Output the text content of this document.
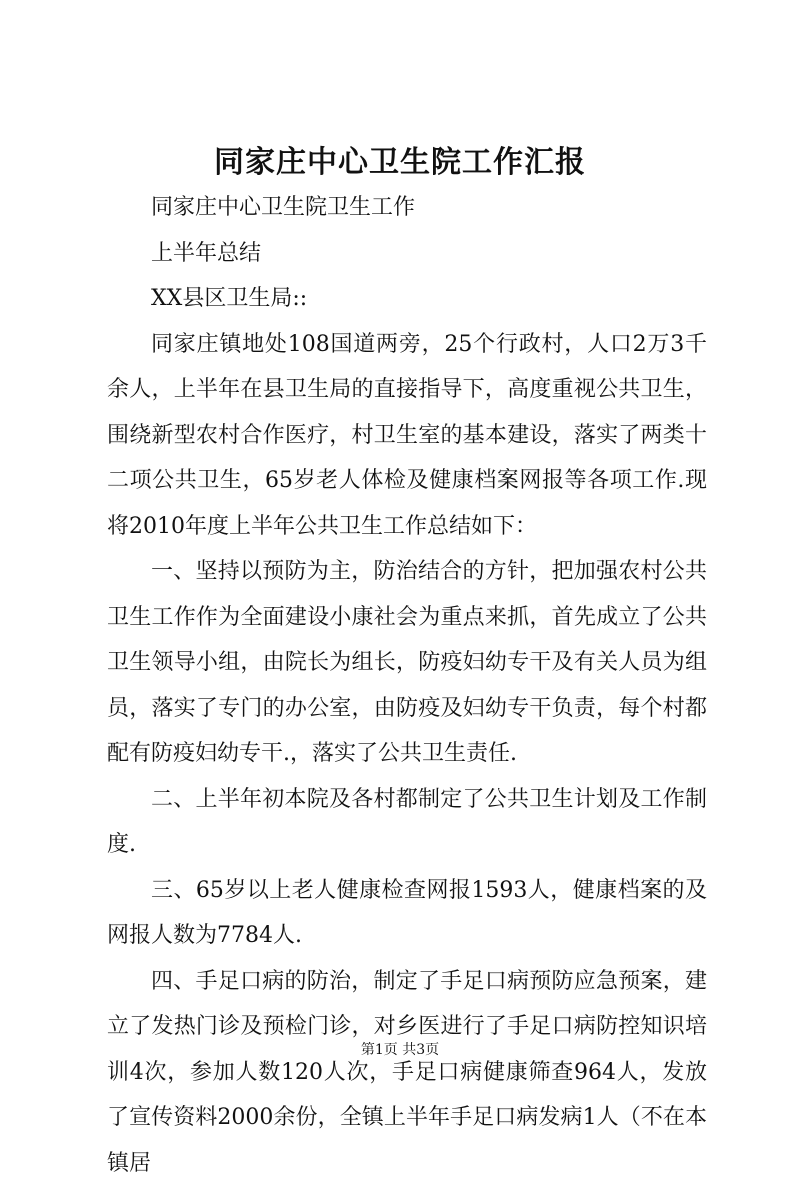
同家庄中心卫生院工作汇报

同家庄中心卫生院卫生工作

上半年总结

XX县区卫生局::

同家庄镇地处108国道两旁，25个行政村，人口2万3千余人，上半年在县卫生局的直接指导下，高度重视公共卫生，围绕新型农村合作医疗，村卫生室的基本建设，落实了两类十二项公共卫生，65岁老人体检及健康档案网报等各项工作.现将2010年度上半年公共卫生工作总结如下：

一、坚持以预防为主，防治结合的方针，把加强农村公共卫生工作作为全面建设小康社会为重点来抓，首先成立了公共卫生领导小组，由院长为组长，防疫妇幼专干及有关人员为组员，落实了专门的办公室，由防疫及妇幼专干负责，每个村都配有防疫妇幼专干.，落实了公共卫生责任.

二、上半年初本院及各村都制定了公共卫生计划及工作制度.

三、65岁以上老人健康检查网报1593人，健康档案的及网报人数为7784人.

四、手足口病的防治，制定了手足口病预防应急预案，建立了发热门诊及预检门诊，对乡医进行了手足口病防控知识培训4次，参加人数120人次，手足口病健康筛查964人，发放了宣传资料2000余份，全镇上半年手足口病发病1人（不在本镇居

第1页 共3页
